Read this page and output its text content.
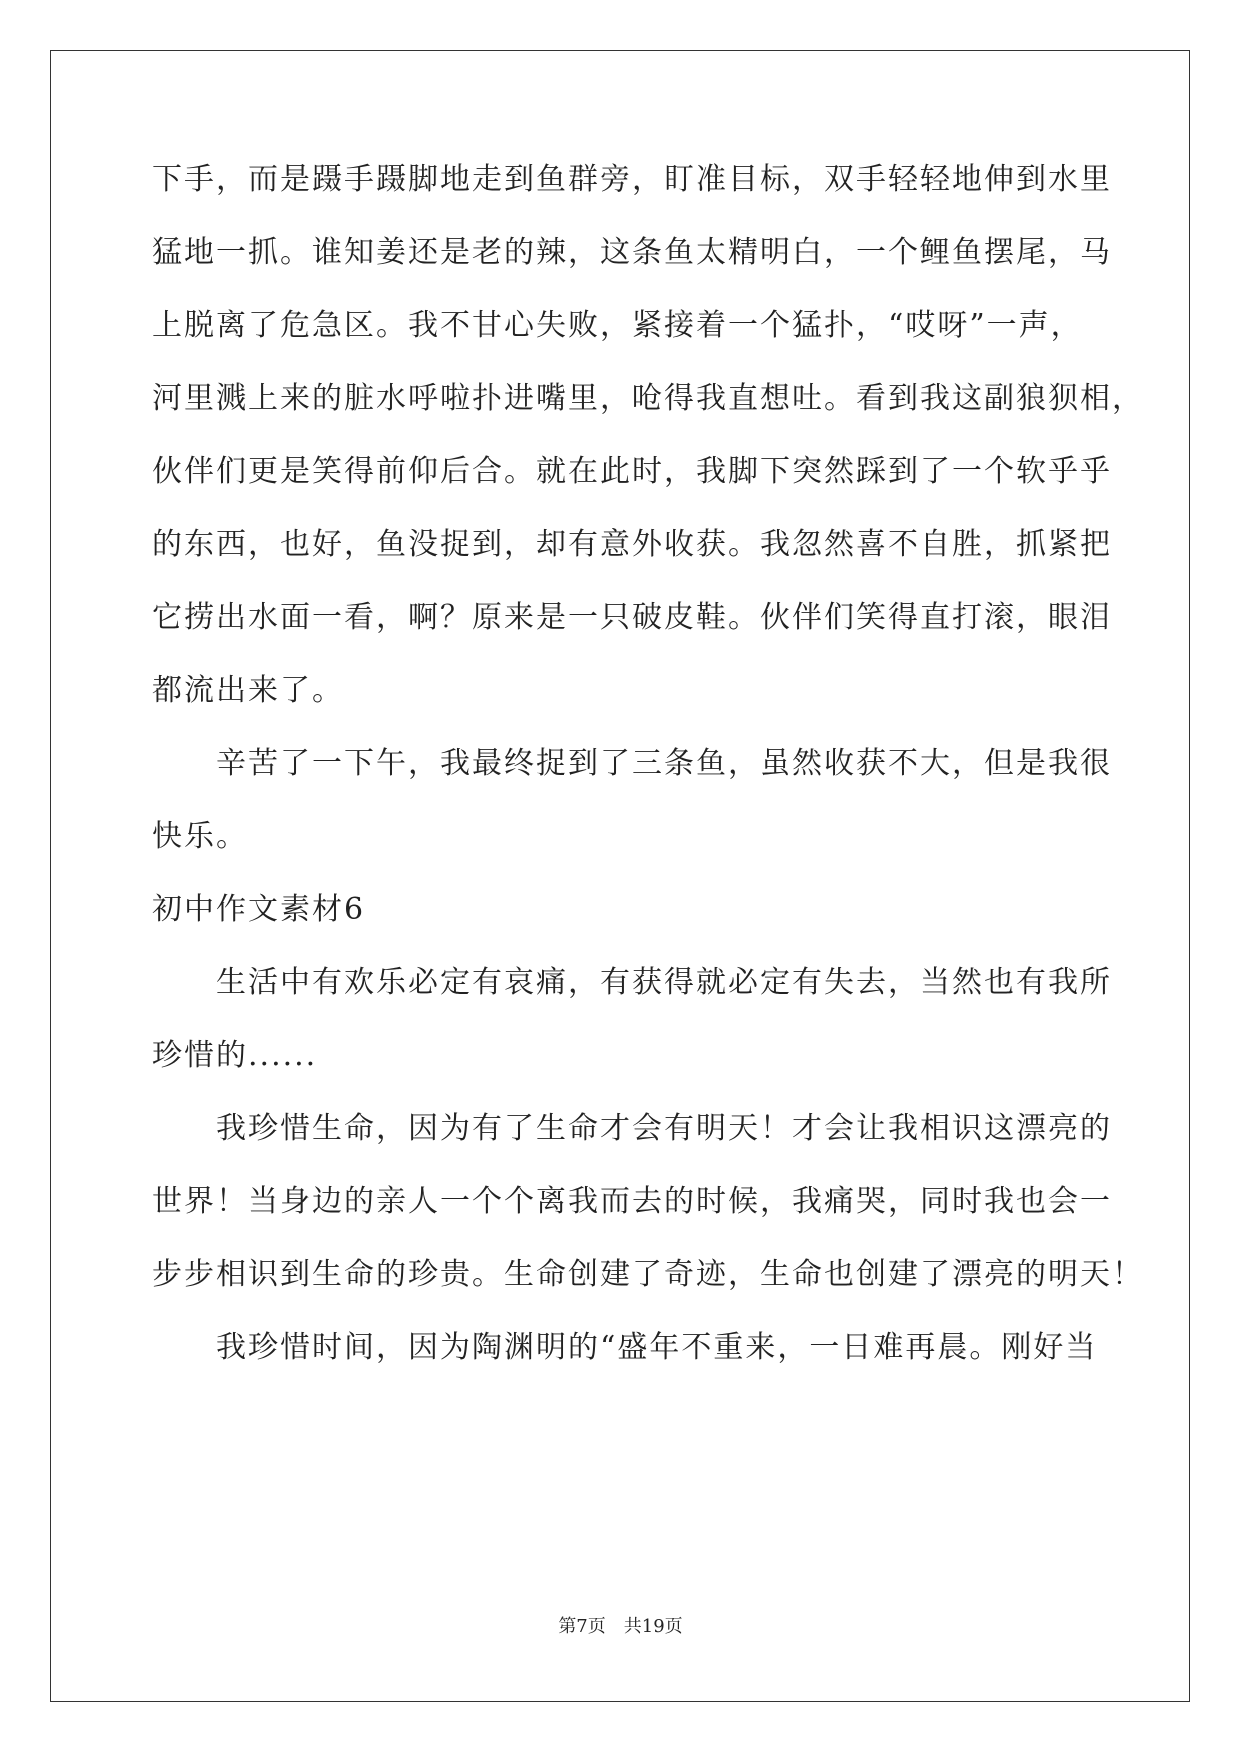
下手，而是蹑手蹑脚地走到鱼群旁，盯准目标，双手轻轻地伸到水里
猛地一抓。谁知姜还是老的辣，这条鱼太精明白，一个鲤鱼摆尾，马
上脱离了危急区。我不甘心失败，紧接着一个猛扑，“哎呀”一声，
河里溅上来的脏水呼啦扑进嘴里，呛得我直想吐。看到我这副狼狈相，
伙伴们更是笑得前仰后合。就在此时，我脚下突然踩到了一个软乎乎
的东西，也好，鱼没捉到，却有意外收获。我忽然喜不自胜，抓紧把
它捞出水面一看，啊？原来是一只破皮鞋。伙伴们笑得直打滚，眼泪
都流出来了。
辛苦了一下午，我最终捉到了三条鱼，虽然收获不大，但是我很
快乐。
初中作文素材6
生活中有欢乐必定有哀痛，有获得就必定有失去，当然也有我所
珍惜的......
我珍惜生命，因为有了生命才会有明天！才会让我相识这漂亮的
世界！当身边的亲人一个个离我而去的时候，我痛哭，同时我也会一
步步相识到生命的珍贵。生命创建了奇迹，生命也创建了漂亮的明天！
我珍惜时间，因为陶渊明的“盛年不重来，一日难再晨。刚好当
第7页　共19页
